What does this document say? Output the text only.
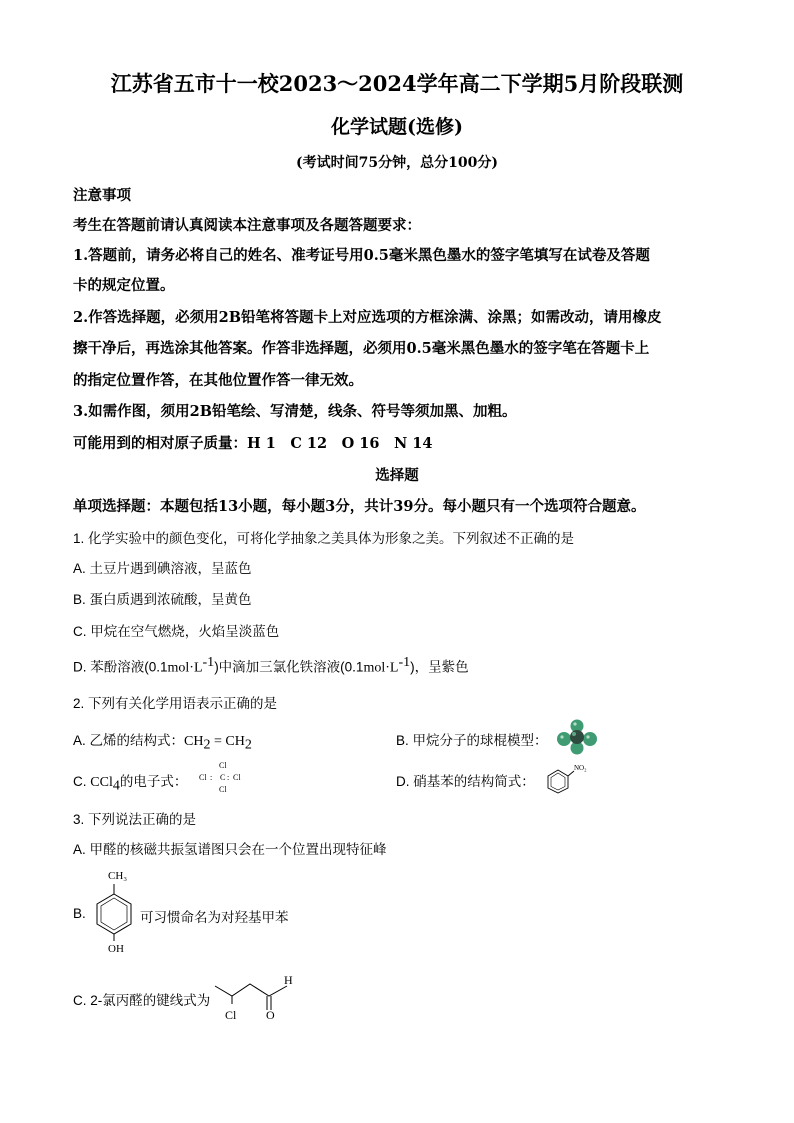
江苏省五市十一校2023～2024学年高二下学期5月阶段联测
化学试题(选修)
(考试时间75分钟，总分100分)
注意事项
考生在答题前请认真阅读本注意事项及各题答题要求：
1.答题前，请务必将自己的姓名、准考证号用0.5毫米黑色墨水的签字笔填写在试卷及答题
卡的规定位置。
2.作答选择题，必须用2B铅笔将答题卡上对应选项的方框涂满、涂黑；如需改动，请用橡皮
擦干净后，再选涂其他答案。作答非选择题，必须用0.5毫米黑色墨水的签字笔在答题卡上
的指定位置作答，在其他位置作答一律无效。
3.如需作图，须用2B铅笔绘、写清楚，线条、符号等须加黑、加粗。
可能用到的相对原子质量：H 1　C 12　O 16　N 14
选择题
单项选择题：本题包括13小题，每小题3分，共计39分。每小题只有一个选项符合题意。
1. 化学实验中的颜色变化，可将化学抽象之美具体为形象之美。下列叙述不正确的是
A. 土豆片遇到碘溶液，呈蓝色
B. 蛋白质遇到浓硫酸，呈黄色
C. 甲烷在空气燃烧，火焰呈淡蓝色
D. 苯酚溶液$(0.1mol\cdot L^{-1})$中滴加三氯化铁溶液$(0.1mol\cdot L^{-1})$，呈紫色
2. 下列有关化学用语表示正确的是
A. 乙烯的结构式：$CH_2 = CH_2$	B. 甲烷分子的球棍模型：
C. CCl$_4$的电子式：
Cl
Cl : C : Cl
Cl
D. 硝基苯的结构简式：
NO₂
3. 下列说法正确的是
A. 甲醛的核磁共振氢谱图只会在一个位置出现特征峰
B.
CH₃
OH
可习惯命名为对羟基甲苯
C. 2-氯丙醛的键线式为
H
Cl O
